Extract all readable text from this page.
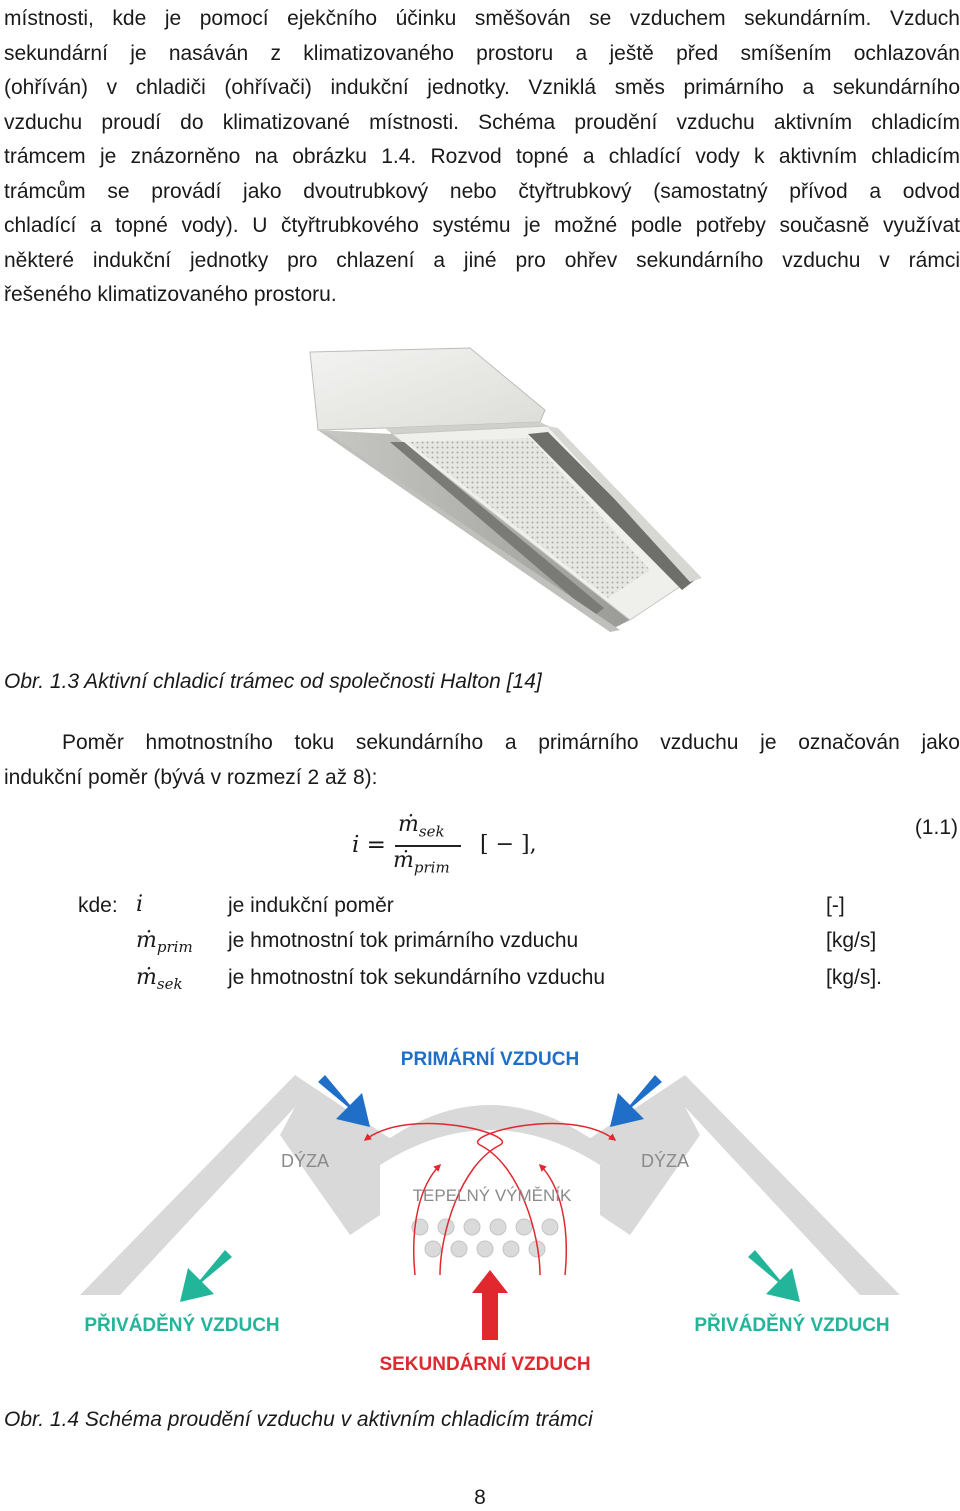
místnosti, kde je pomocí ejekčního účinku směšován se vzduchem sekundárním. Vzduch
sekundární je nasáván z klimatizovaného prostoru a ještě před smíšením ochlazován
(ohříván) v chladiči (ohřívači) indukční jednotky. Vzniklá směs primárního a sekundárního
vzduchu proudí do klimatizované místnosti. Schéma proudění vzduchu aktivním chladicím
trámcem je znázorněno na obrázku 1.4. Rozvod topné a chladící vody k aktivním chladicím
trámcům se provádí jako dvoutrubkový nebo čtyřtrubkový (samostatný přívod a odvod
chladící a topné vody). U čtyřtrubkového systému je možné podle potřeby současně využívat
některé indukční jednotky pro chlazení a jiné pro ohřev sekundárního vzduchu v rámci
řešeného klimatizovaného prostoru.
Obr. 1.3 Aktivní chladicí trámec od společnosti Halton [14]
Poměr hmotnostního toku sekundárního a primárního vzduchu je označován jako
indukční poměr (bývá v rozmezí 2 až 8):
i =
ṁ$_{sek}$
ṁ$_{prim}$
[ − ],
(1.1)
kde: i	je indukční poměr	[-]
ṁ$_{prim}$ je hmotnostní tok primárního vzduchu	[kg/s]
ṁ$_{sek}$ je hmotnostní tok sekundárního vzduchu	[kg/s].
PRIMÁRNÍ VZDUCH
DÝZA	DÝZA
TEPELNÝ VÝMĚNÍK
PŘIVÁDĚNÝ VZDUCH	PŘIVÁDĚNÝ VZDUCH
SEKUNDÁRNÍ VZDUCH
Obr. 1.4 Schéma proudění vzduchu v aktivním chladicím trámci
8
